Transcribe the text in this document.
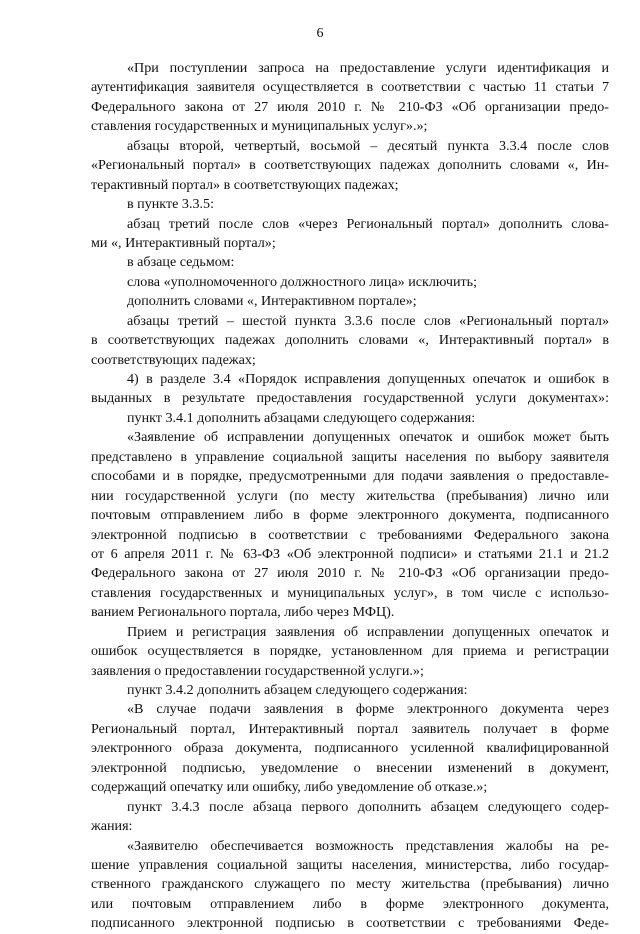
6
«При поступлении запроса на предоставление услуги идентификация и
аутентификация заявителя осуществляется в соответствии с частью 11 статьи 7
Федерального закона от 27 июля 2010 г. № 210-ФЗ «Об организации предо-
ставления государственных и муниципальных услуг».»;
абзацы второй, четвертый, восьмой – десятый пункта 3.3.4 после слов
«Региональный портал» в соответствующих падежах дополнить словами «, Ин-
терактивный портал» в соответствующих падежах;
в пункте 3.3.5:
абзац третий после слов «через Региональный портал» дополнить слова-
ми «, Интерактивный портал»;
в абзаце седьмом:
слова «уполномоченного должностного лица» исключить;
дополнить словами «, Интерактивном портале»;
абзацы третий – шестой пункта 3.3.6 после слов «Региональный портал»
в соответствующих падежах дополнить словами «, Интерактивный портал» в
соответствующих падежах;
4) в разделе 3.4 «Порядок исправления допущенных опечаток и ошибок в
выданных в результате предоставления государственной услуги документах»:
пункт 3.4.1 дополнить абзацами следующего содержания:
«Заявление об исправлении допущенных опечаток и ошибок может быть
представлено в управление социальной защиты населения по выбору заявителя
способами и в порядке, предусмотренными для подачи заявления о предоставле-
нии государственной услуги (по месту жительства (пребывания) лично или
почтовым отправлением либо в форме электронного документа, подписанного
электронной подписью в соответствии с требованиями Федерального закона
от 6 апреля 2011 г. № 63-ФЗ «Об электронной подписи» и статьями 21.1 и 21.2
Федерального закона от 27 июля 2010 г. № 210-ФЗ «Об организации предо-
ставления государственных и муниципальных услуг», в том числе с использо-
ванием Регионального портала, либо через МФЦ).
Прием и регистрация заявления об исправлении допущенных опечаток и
ошибок осуществляется в порядке, установленном для приема и регистрации
заявления о предоставлении государственной услуги.»;
пункт 3.4.2 дополнить абзацем следующего содержания:
«В случае подачи заявления в форме электронного документа через
Региональный портал, Интерактивный портал заявитель получает в форме
электронного образа документа, подписанного усиленной квалифицированной
электронной подписью, уведомление о внесении изменений в документ,
содержащий опечатку или ошибку, либо уведомление об отказе.»;
пункт 3.4.3 после абзаца первого дополнить абзацем следующего содер-
жания:
«Заявителю обеспечивается возможность представления жалобы на ре-
шение управления социальной защиты населения, министерства, либо государ-
ственного гражданского служащего по месту жительства (пребывания) лично
или почтовым отправлением либо в форме электронного документа,
подписанного электронной подписью в соответствии с требованиями Феде-
